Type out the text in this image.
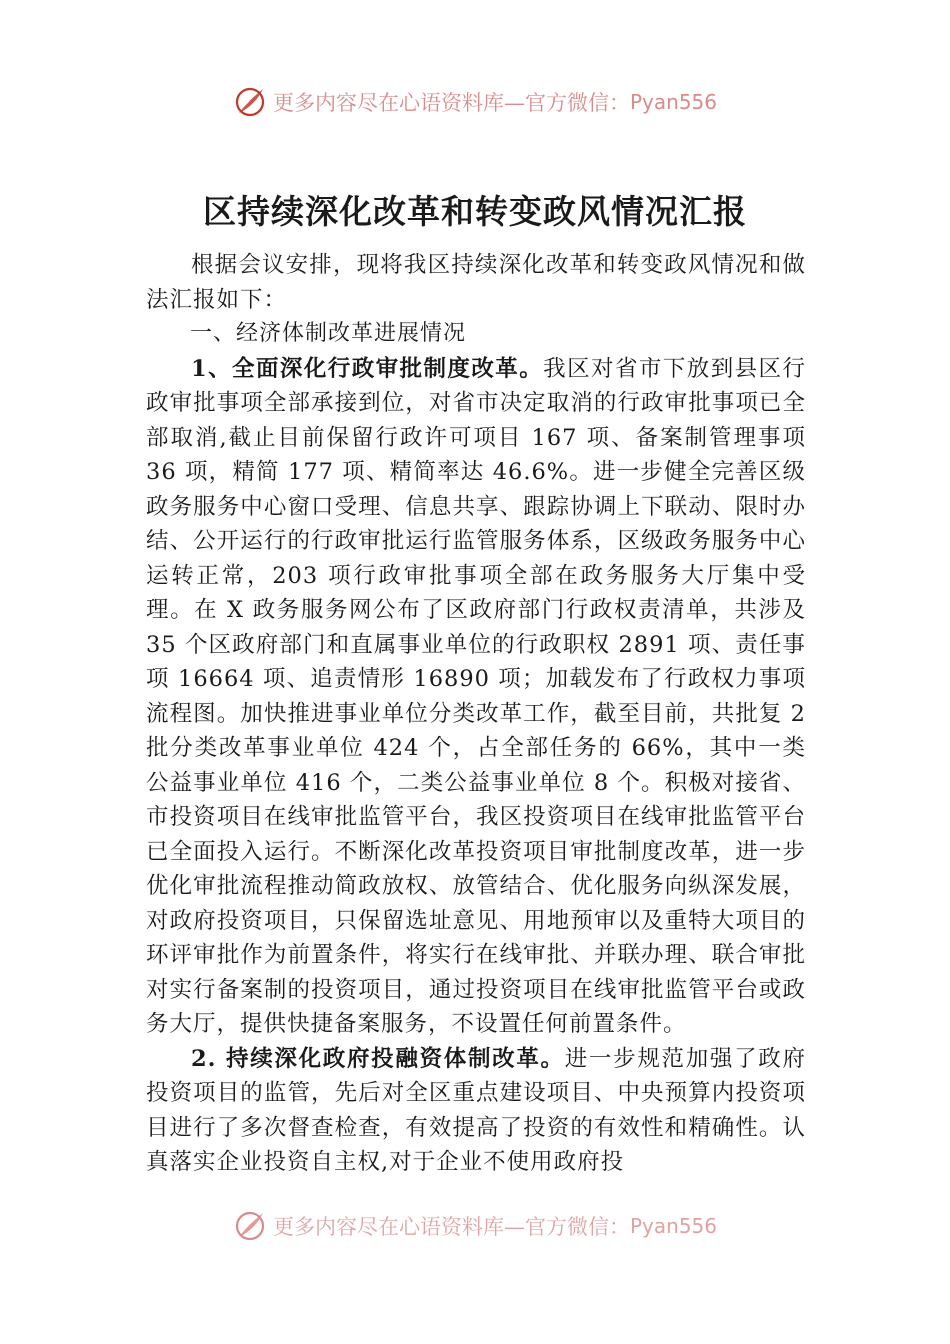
更多内容尽在心语资料库—官方微信： Pyan556
区持续深化改革和转变政风情况汇报

根据会议安排，现将我区持续深化改革和转变政风情况和做法汇报如下：

一、经济体制改革进展情况

1、全面深化行政审批制度改革。我区对省市下放到县区行政审批事项全部承接到位，对省市决定取消的行政审批事项已全部取消,截止目前保留行政许可项目 167 项、备案制管理事项 36 项，精简 177 项、精简率达 46.6%。进一步健全完善区级政务服务中心窗口受理、信息共享、跟踪协调上下联动、限时办结、公开运行的行政审批运行监管服务体系，区级政务服务中心运转正常，203 项行政审批事项全部在政务服务大厅集中受理。在 X 政务服务网公布了区政府部门行政权责清单，共涉及 35 个区政府部门和直属事业单位的行政职权 2891 项、责任事项 16664 项、追责情形 16890 项；加载发布了行政权力事项流程图。加快推进事业单位分类改革工作，截至目前，共批复 2 批分类改革事业单位 424 个，占全部任务的 66%，其中一类公益事业单位 416 个，二类公益事业单位 8 个。积极对接省、市投资项目在线审批监管平台，我区投资项目在线审批监管平台已全面投入运行。不断深化改革投资项目审批制度改革，进一步优化审批流程推动简政放权、放管结合、优化服务向纵深发展，对政府投资项目，只保留选址意见、用地预审以及重特大项目的环评审批作为前置条件，将实行在线审批、并联办理、联合审批对实行备案制的投资项目，通过投资项目在线审批监管平台或政务大厅，提供快捷备案服务，不设置任何前置条件。

2. 持续深化政府投融资体制改革。进一步规范加强了政府投资项目的监管，先后对全区重点建设项目、中央预算内投资项目进行了多次督查检查，有效提高了投资的有效性和精确性。认真落实企业投资自主权,对于企业不使用政府投

更多内容尽在心语资料库—官方微信： Pyan556
